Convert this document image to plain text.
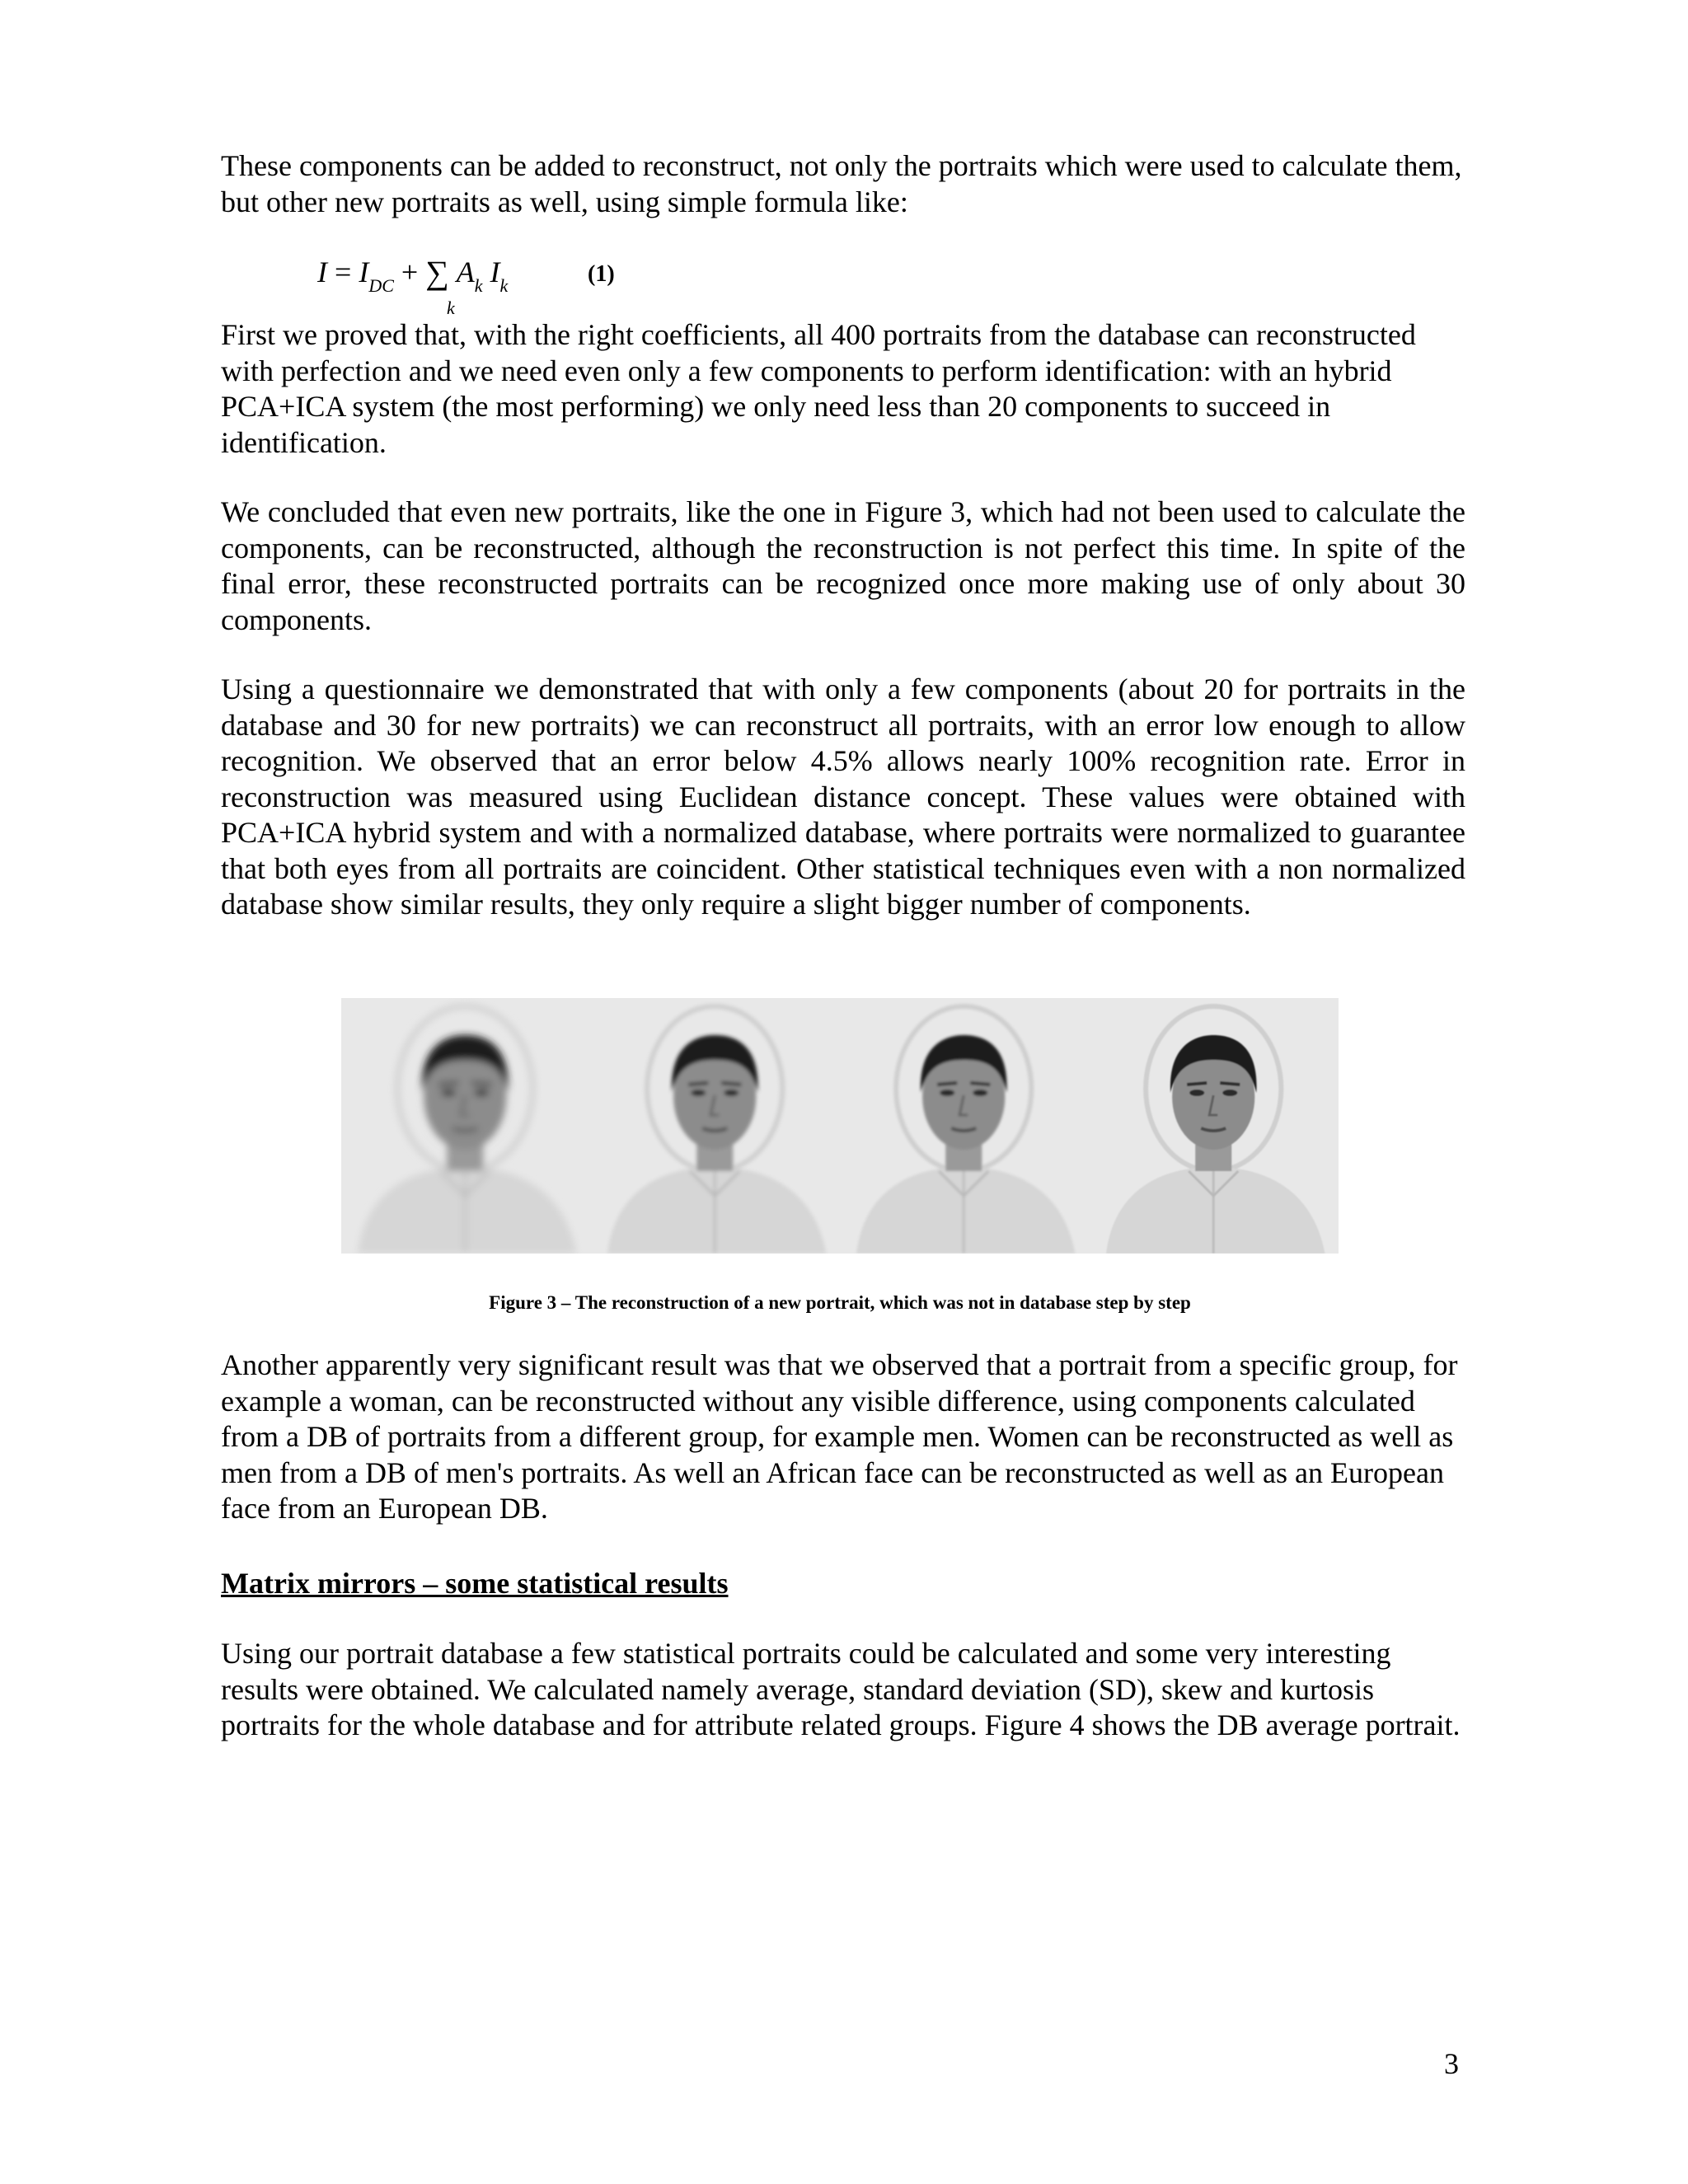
These components can be added to reconstruct, not only the portraits which were used to calculate them, but other new portraits as well, using simple formula like:

$I = I_{DC}$ + ∑ $A_k$ $I_k$
k
(1)

First we proved that, with the right coefficients, all 400 portraits from the database can reconstructed with perfection and we need even only a few components to perform identification: with an hybrid PCA+ICA system (the most performing) we only need less than 20 components to succeed in identification.

We concluded that even new portraits, like the one in Figure 3, which had not been used to calculate the components, can be reconstructed, although the reconstruction is not perfect this time. In spite of the final error, these reconstructed portraits can be recognized once more making use of only about 30 components.

Using a questionnaire we demonstrated that with only a few components (about 20 for portraits in the database and 30 for new portraits) we can reconstruct all portraits, with an error low enough to allow recognition. We observed that an error below 4.5% allows nearly 100% recognition rate. Error in reconstruction was measured using Euclidean distance concept. These values were obtained with PCA+ICA hybrid system and with a normalized database, where portraits were normalized to guarantee that both eyes from all portraits are coincident. Other statistical techniques even with a non normalized database show similar results, they only require a slight bigger number of components.

Figure 3 – The reconstruction of a new portrait, which was not in database step by step

Another apparently very significant result was that we observed that a portrait from a specific group, for example a woman, can be reconstructed without any visible difference, using components calculated from a DB of portraits from a different group, for example men. Women can be reconstructed as well as men from a DB of men's portraits. As well an African face can be reconstructed as well as an European face from an European DB.

Matrix mirrors – some statistical results

Using our portrait database a few statistical portraits could be calculated and some very interesting results were obtained. We calculated namely average, standard deviation (SD), skew and kurtosis portraits for the whole database and for attribute related groups. Figure 4 shows the DB average portrait.

3
